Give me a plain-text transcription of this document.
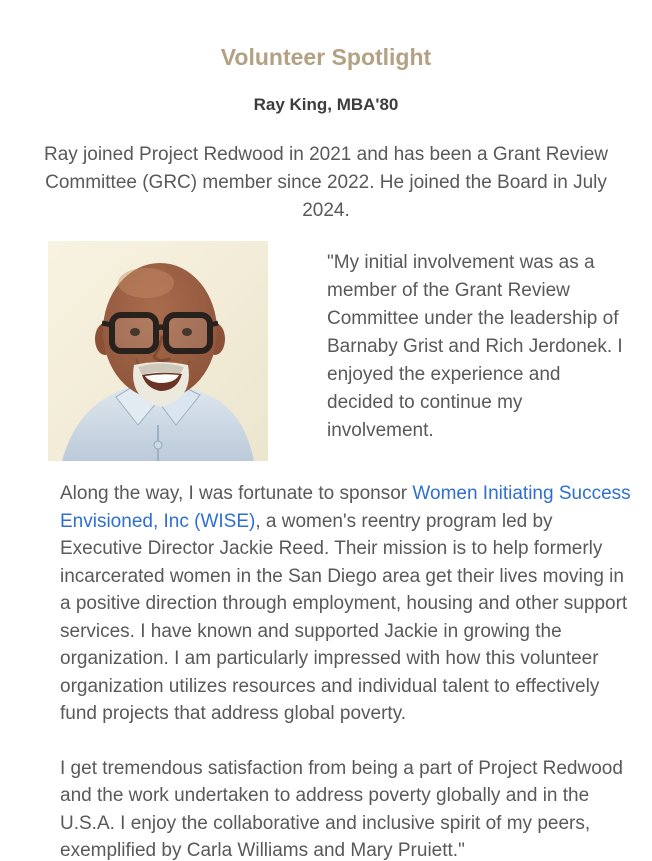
Volunteer Spotlight
Ray King, MBA'80

Ray joined Project Redwood in 2021 and has been a Grant Review Committee (GRC) member since 2022. He joined the Board in July 2024.

"My initial involvement was as a member of the Grant Review Committee under the leadership of Barnaby Grist and Rich Jerdonek. I enjoyed the experience and decided to continue my involvement.

Along the way, I was fortunate to sponsor Women Initiating Success Envisioned, Inc (WISE), a women's reentry program led by Executive Director Jackie Reed. Their mission is to help formerly incarcerated women in the San Diego area get their lives moving in a positive direction through employment, housing and other support services. I have known and supported Jackie in growing the organization. I am particularly impressed with how this volunteer organization utilizes resources and individual talent to effectively fund projects that address global poverty.

I get tremendous satisfaction from being a part of Project Redwood and the work undertaken to address poverty globally and in the U.S.A. I enjoy the collaborative and inclusive spirit of my peers, exemplified by Carla Williams and Mary Pruiett."
